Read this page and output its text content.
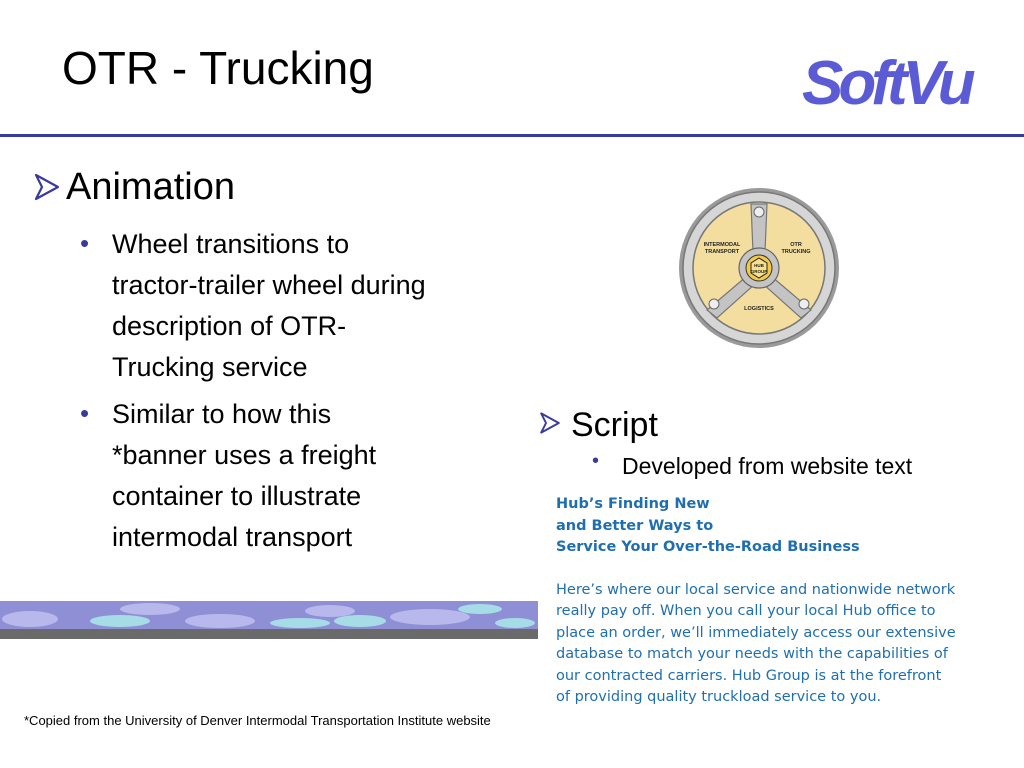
OTR - Trucking	SoftVu
Animation
• Wheel transitions to
tractor-trailer wheel during
description of OTR-
Trucking service
• Similar to how this
*banner uses a freight
container to illustrate
intermodal transport
HUB
GROUP
INTERMODAL
TRANSPORT
OTR
TRUCKING
LOGISTICS
Script
• Developed from website text
Hub’s Finding New
and Better Ways to
Service Your Over-the-Road Business
Here’s where our local service and nationwide network
really pay off. When you call your local Hub office to
place an order, we’ll immediately access our extensive
database to match your needs with the capabilities of
our contracted carriers. Hub Group is at the forefront
of providing quality truckload service to you.
*Copied from the University of Denver Intermodal Transportation Institute website
